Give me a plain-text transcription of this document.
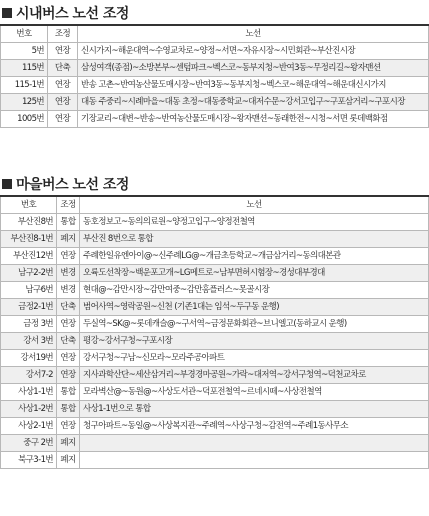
시내버스 노선 조정
번호	조정	노선
5번	연장	신시가지~해운대역~수영교차로~양정~서면~자유시장~시민회관~부산진시장
115번	단축	삼성여객(종점)~소방본부~센텀파크~벡스코~동부지청~반여3동~무정리길~왕자맨션
115-1번	연장	반송 고촌~반여농산물도매시장~반여3동~동부지청~벡스코~해운대역~해운대신시가지
125번	연장	대동 주중리~시례마을~대동 초정~대동중학교~대저수문~강서고입구~구포삼거리~구포시장
1005번	연장	기장교리~대변~반송~반여농산물도매시장~왕자맨션~동래한전~시청~서면 롯데백화점
마을버스 노선 조정
번호	조정	노선
부산진8번	통합	동호정보고~동의의료원~양정고입구~양정전철역
부산진8-1번	폐지	부산진 8번으로 통합
부산진12번	연장	주례한일유엔아이@~신주례LG@~개금초등학교~개금삼거리~동의대본관
남구2-2번	변경	오륙도선착장~백운포고개~LG메트로~남부면허시험장~경성대부경대
남구6번	변경	현대@~감만시장~감만여중~감만홈플러스~못골시장
금정2-1번	단축	범어사역~영락공원~신천 (기존1대는 임석~두구동 운행)
금정 3번	연장	두실역~SK@~롯데캐슬@~구서역~금정문화회관~브니엘고(동하교시 운행)
강서 3번	단축	평강~강서구청~구포시장
강서19번	연장	강서구청~구남~신모라~모라주공아파트
강서7-2	연장	지사과학산단~세산삼거리~부경경마공원~가락~대저역~강서구청역~덕천교차로
사상1-1번	통합	모라벽산@~동원@~사상도서관~덕포전철역~르네시떼~사상전철역
사상1-2번	통합	사상1-1번으로 통합
사상2-1번	연장	청구아파트~동일@~사상복지관~주례역~사상구청~감전역~주례1동사무소
중구 2번	폐지	
북구3-1번	폐지	
